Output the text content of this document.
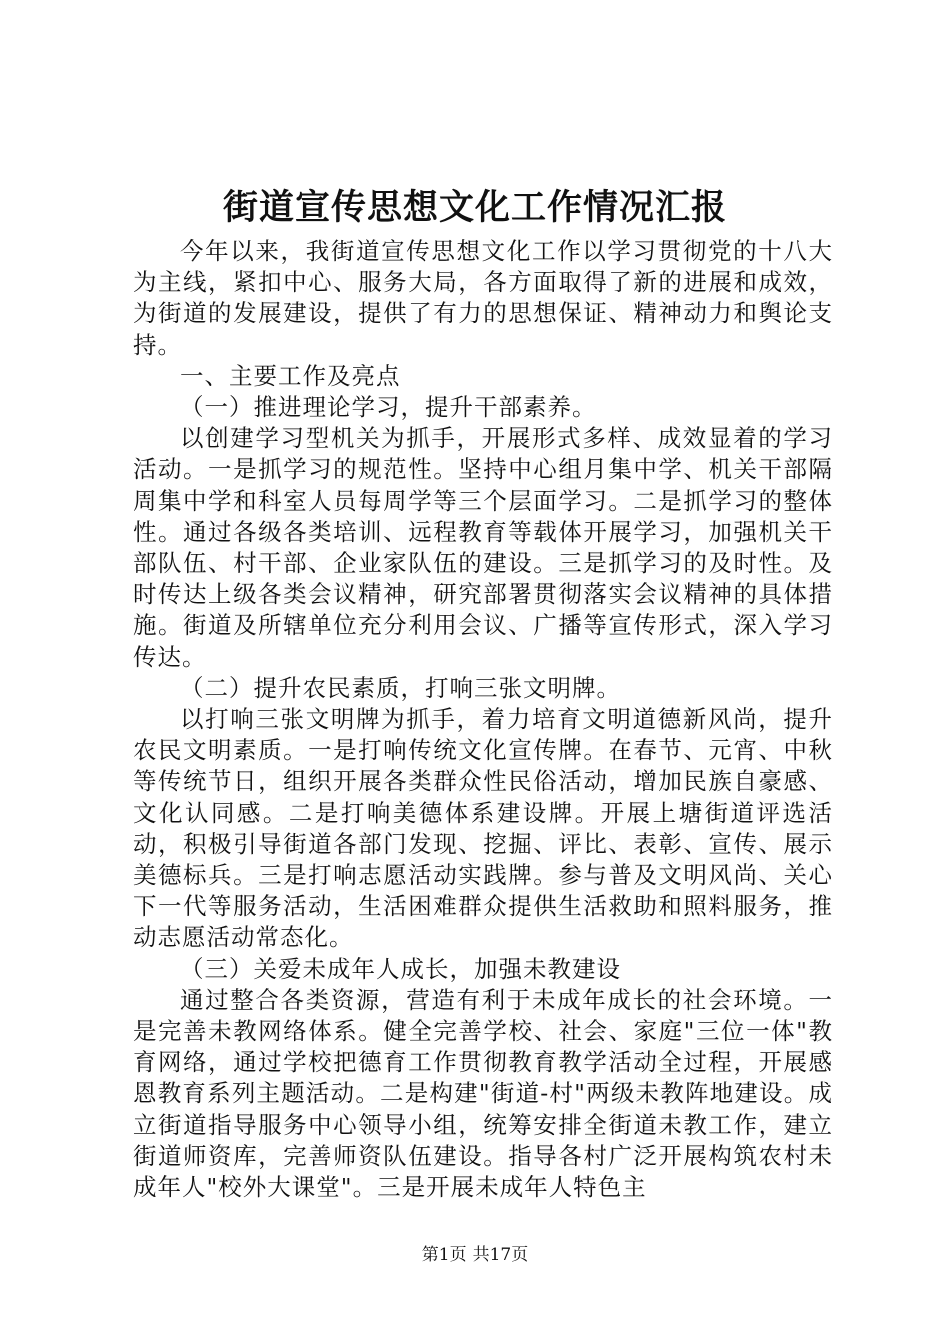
街道宣传思想文化工作情况汇报

今年以来，我街道宣传思想文化工作以学习贯彻党的十八大为主线，紧扣中心、服务大局，各方面取得了新的进展和成效，为街道的发展建设，提供了有力的思想保证、精神动力和舆论支持。

一、主要工作及亮点

（一）推进理论学习，提升干部素养。

以创建学习型机关为抓手，开展形式多样、成效显着的学习活动。一是抓学习的规范性。坚持中心组月集中学、机关干部隔周集中学和科室人员每周学等三个层面学习。二是抓学习的整体性。通过各级各类培训、远程教育等载体开展学习，加强机关干部队伍、村干部、企业家队伍的建设。三是抓学习的及时性。及时传达上级各类会议精神，研究部署贯彻落实会议精神的具体措施。街道及所辖单位充分利用会议、广播等宣传形式，深入学习传达。

（二）提升农民素质，打响三张文明牌。

以打响三张文明牌为抓手，着力培育文明道德新风尚，提升农民文明素质。一是打响传统文化宣传牌。在春节、元宵、中秋等传统节日，组织开展各类群众性民俗活动，增加民族自豪感、文化认同感。二是打响美德体系建设牌。开展上塘街道评选活动，积极引导街道各部门发现、挖掘、评比、表彰、宣传、展示美德标兵。三是打响志愿活动实践牌。参与普及文明风尚、关心下一代等服务活动，生活困难群众提供生活救助和照料服务，推动志愿活动常态化。

（三）关爱未成年人成长，加强未教建设

通过整合各类资源，营造有利于未成年成长的社会环境。一是完善未教网络体系。健全完善学校、社会、家庭"三位一体"教育网络，通过学校把德育工作贯彻教育教学活动全过程，开展感恩教育系列主题活动。二是构建"街道-村"两级未教阵地建设。成立街道指导服务中心领导小组，统筹安排全街道未教工作，建立街道师资库，完善师资队伍建设。指导各村广泛开展构筑农村未成年人"校外大课堂"。三是开展未成年人特色主

第1页 共17页
